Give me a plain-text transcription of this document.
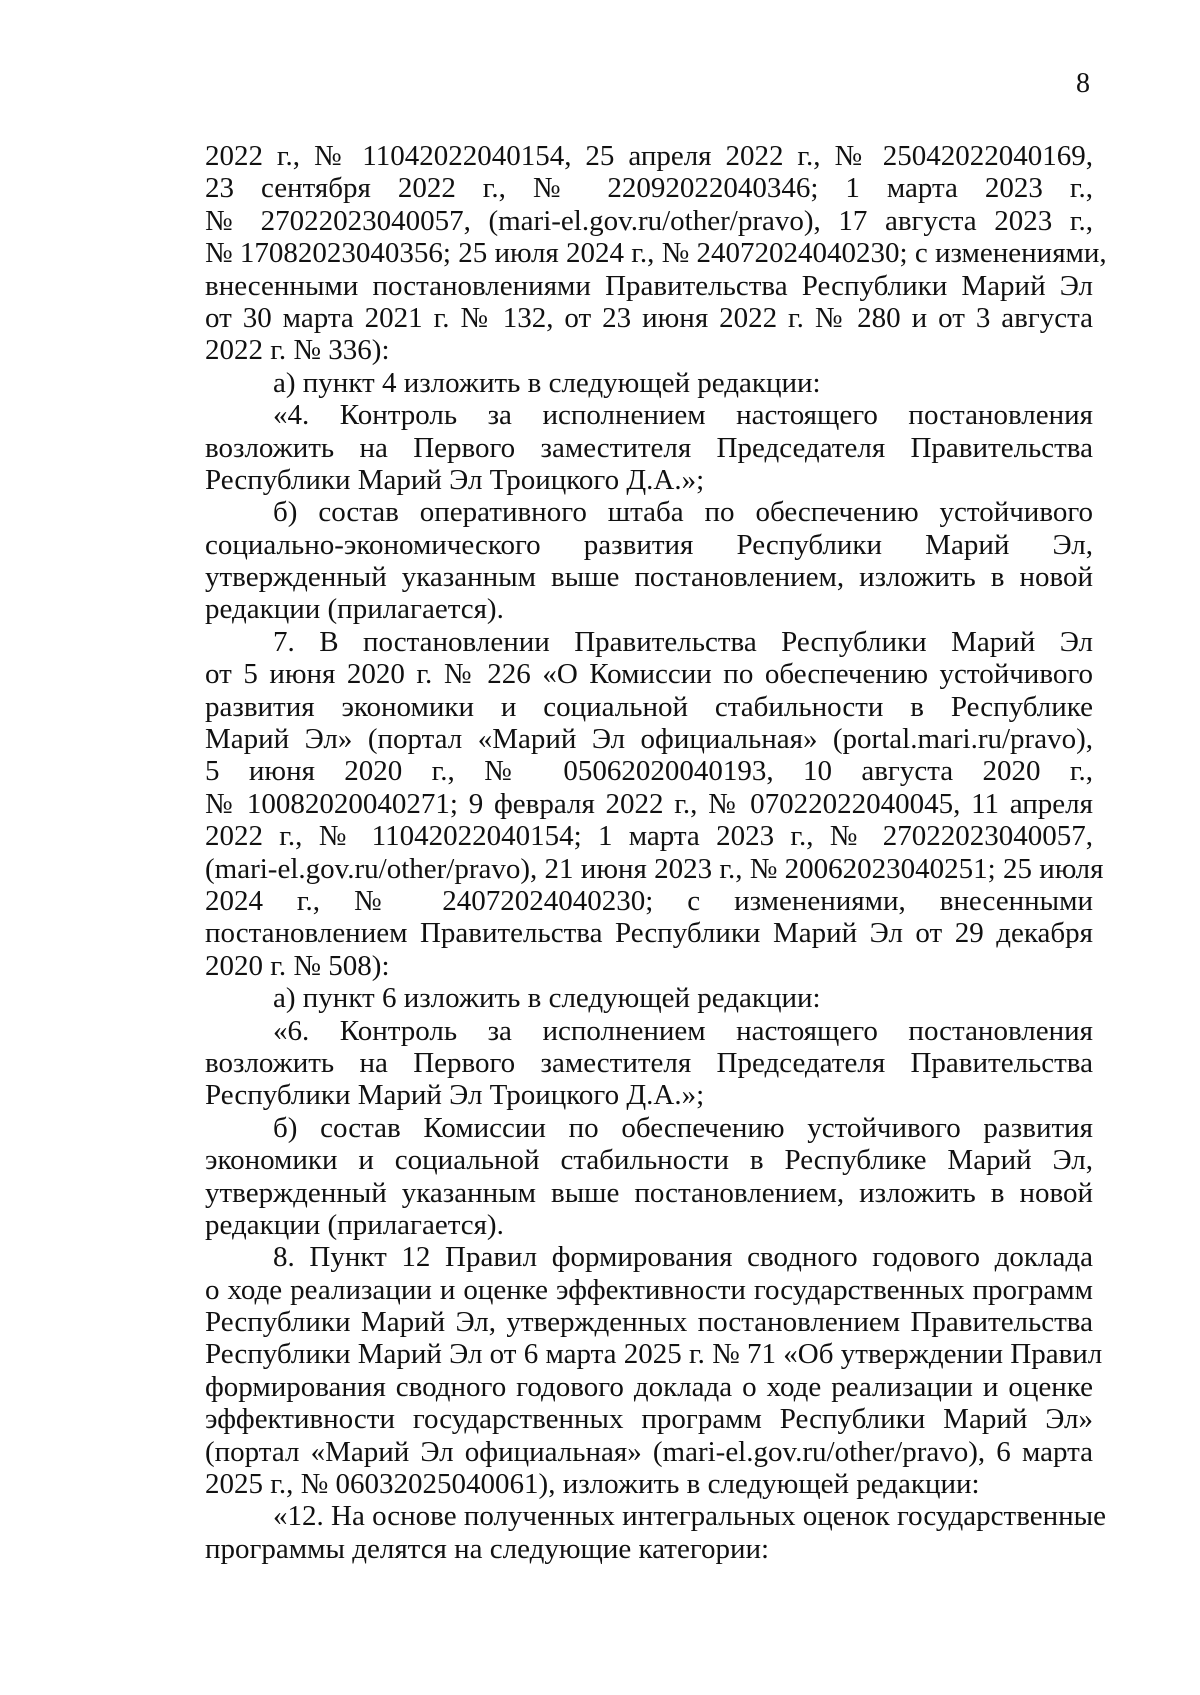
8
2022 г., № 11042022040154, 25 апреля 2022 г., № 25042022040169,
23 сентября 2022 г., № 22092022040346; 1 марта 2023 г.,
№ 27022023040057, (mari-el.gov.ru/other/pravo), 17 августа 2023 г.,
№ 17082023040356; 25 июля 2024 г., № 24072024040230; с изменениями,
внесенными постановлениями Правительства Республики Марий Эл
от 30 марта 2021 г. № 132, от 23 июня 2022 г. № 280 и от 3 августа
2022 г. № 336):
а) пункт 4 изложить в следующей редакции:
«4. Контроль за исполнением настоящего постановления
возложить на Первого заместителя Председателя Правительства
Республики Марий Эл Троицкого Д.А.»;
б) состав оперативного штаба по обеспечению устойчивого
социально-экономического развития Республики Марий Эл,
утвержденный указанным выше постановлением, изложить в новой
редакции (прилагается).
7. В постановлении Правительства Республики Марий Эл
от 5 июня 2020 г. № 226 «О Комиссии по обеспечению устойчивого
развития экономики и социальной стабильности в Республике
Марий Эл» (портал «Марий Эл официальная» (portal.mari.ru/pravo),
5 июня 2020 г., № 05062020040193, 10 августа 2020 г.,
№ 10082020040271; 9 февраля 2022 г., № 07022022040045, 11 апреля
2022 г., № 11042022040154; 1 марта 2023 г., № 27022023040057,
(mari-el.gov.ru/other/pravo), 21 июня 2023 г., № 20062023040251; 25 июля
2024 г., № 24072024040230; с изменениями, внесенными
постановлением Правительства Республики Марий Эл от 29 декабря
2020 г. № 508):
а) пункт 6 изложить в следующей редакции:
«6. Контроль за исполнением настоящего постановления
возложить на Первого заместителя Председателя Правительства
Республики Марий Эл Троицкого Д.А.»;
б) состав Комиссии по обеспечению устойчивого развития
экономики и социальной стабильности в Республике Марий Эл,
утвержденный указанным выше постановлением, изложить в новой
редакции (прилагается).
8. Пункт 12 Правил формирования сводного годового доклада
о ходе реализации и оценке эффективности государственных программ
Республики Марий Эл, утвержденных постановлением Правительства
Республики Марий Эл от 6 марта 2025 г. № 71 «Об утверждении Правил
формирования сводного годового доклада о ходе реализации и оценке
эффективности государственных программ Республики Марий Эл»
(портал «Марий Эл официальная» (mari-el.gov.ru/other/pravo), 6 марта
2025 г., № 06032025040061), изложить в следующей редакции:
«12. На основе полученных интегральных оценок государственные
программы делятся на следующие категории:
